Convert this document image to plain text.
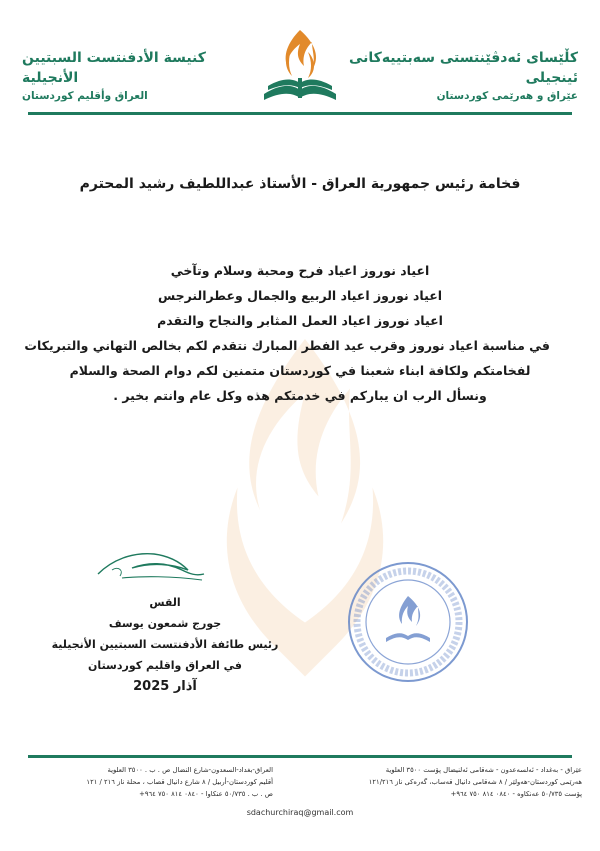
كنيسة الأدفنتست السبتيين الأنجيلية
العراق وأقليم كوردستان
كڵێسای ئەدڤێنتستی سەبتییەکانی ئینجیلی
عێراق و هەرێمی كوردستان
فخامة رئيس جمهورية العراق - الأستاذ عبداللطيف رشيد المحترم
اعياد نوروز اعياد فرح ومحبة وسلام وتآخي
اعياد نوروز اعياد الربيع والجمال وعطرالنرجس
اعياد نوروز اعياد العمل المثابر والنجاح والتقدم
في مناسبة اعياد نوروز وقرب عيد الفطر المبارك نتقدم لكم بخالص التهاني والتبريكات
لفخامتكم ولكافة ابناء شعبنا في كوردستان متمنين لكم دوام الصحة والسلام
ونسأل الرب ان يباركم في خدمتكم هذه وكل عام وانتم بخير .
القس
جورج شمعون يوسف
رئيس طائفة الأدفنتست السبتيين الأنجيلية
في العراق واقليم كوردستان
آذار 2025
العراق-بغداد-السعدون-شارع النضال ص . ب . ٣٥٠٠ العلوية
أقليم كوردستان-أربيل / ٨ شارع دانيال قصاب ، محلة ناز ٢١٦ / ١٢١
ص . ب . ٥٠/٧٣٥ عنكاوا - ٠٨٤٠ ٨١٤ ٧٥٠ ٩٦٤+
عێراق - بەغداد - ئەلسەعدون - شەقامی ئەلنیضال پۆست ٣٥٠٠ العلوية
هەرێمی کوردستان-هەولێر / ٨ شەقامی دانیال قەساب، گەرەکی ناز ١٢١/٢١٦
پۆست ٥٠/٧٣٥ عەنکاوە - ٠٨٤٠ ٨١٤ ٧٥٠ ٩٦٤+
sdachurchiraq@gmail.com
